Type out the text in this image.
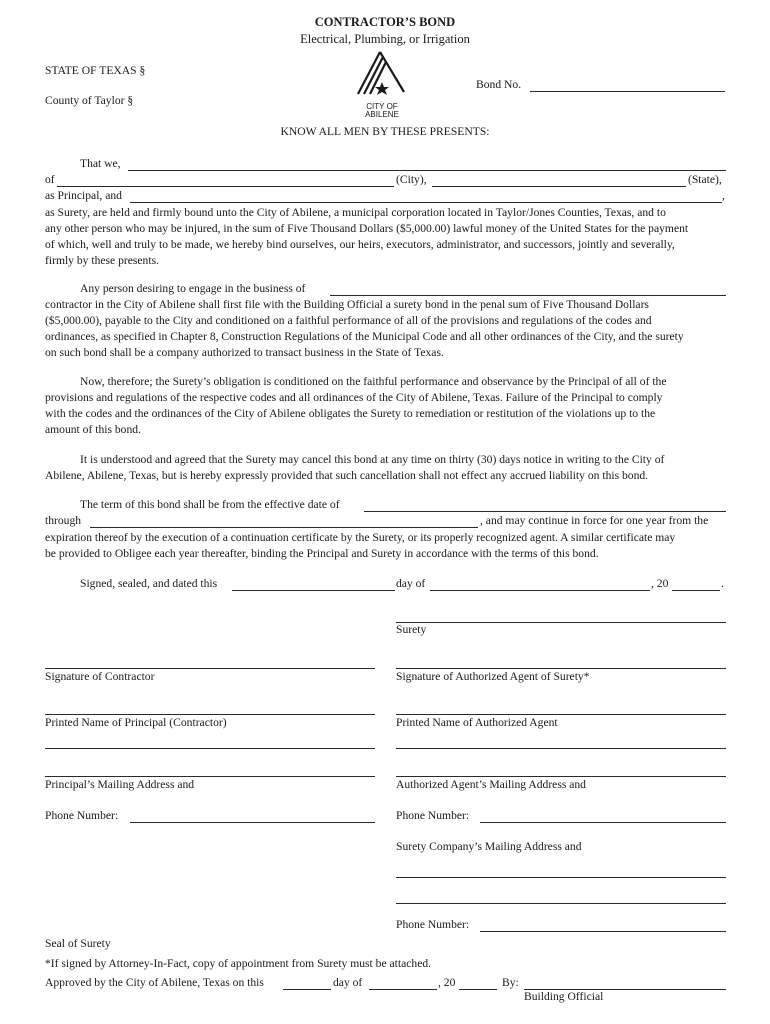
CONTRACTOR’S BOND
Electrical, Plumbing, or Irrigation
STATE OF TEXAS §
County of Taylor §	CITY OF
ABILENE
Bond No.
KNOW ALL MEN BY THESE PRESENTS:
That we,
of	(City),	(State),
as Principal, and	,
as Surety, are held and firmly bound unto the City of Abilene, a municipal corporation located in Taylor/Jones Counties, Texas, and to
any other person who may be injured, in the sum of Five Thousand Dollars ($5,000.00) lawful money of the United States for the payment
of which, well and truly to be made, we hereby bind ourselves, our heirs, executors, administrator, and successors, jointly and severally,
firmly by these presents.
Any person desiring to engage in the business of
contractor in the City of Abilene shall first file with the Building Official a surety bond in the penal sum of Five Thousand Dollars
($5,000.00), payable to the City and conditioned on a faithful performance of all of the provisions and regulations of the codes and
ordinances, as specified in Chapter 8, Construction Regulations of the Municipal Code and all other ordinances of the City, and the surety
on such bond shall be a company authorized to transact business in the State of Texas.
Now, therefore; the Surety’s obligation is conditioned on the faithful performance and observance by the Principal of all of the
provisions and regulations of the respective codes and all ordinances of the City of Abilene, Texas. Failure of the Principal to comply
with the codes and the ordinances of the City of Abilene obligates the Surety to remediation or restitution of the violations up to the
amount of this bond.
It is understood and agreed that the Surety may cancel this bond at any time on thirty (30) days notice in writing to the City of
Abilene, Abilene, Texas, but is hereby expressly provided that such cancellation shall not effect any accrued liability on this bond.
The term of this bond shall be from the effective date of
through	, and may continue in force for one year from the
expiration thereof by the execution of a continuation certificate by the Surety, or its properly recognized agent. A similar certificate may
be provided to Obligee each year thereafter, binding the Principal and Surety in accordance with the terms of this bond.
Signed, sealed, and dated this	day of	, 20	.
Surety
Signature of Contractor	Signature of Authorized Agent of Surety*
Printed Name of Principal (Contractor)	Printed Name of Authorized Agent
Principal’s Mailing Address and	Authorized Agent’s Mailing Address and
Phone Number:	Phone Number:
Surety Company’s Mailing Address and
Phone Number:
Seal of Surety
*If signed by Attorney-In-Fact, copy of appointment from Surety must be attached.
Approved by the City of Abilene, Texas on this	day of	, 20	By:
Building Official
